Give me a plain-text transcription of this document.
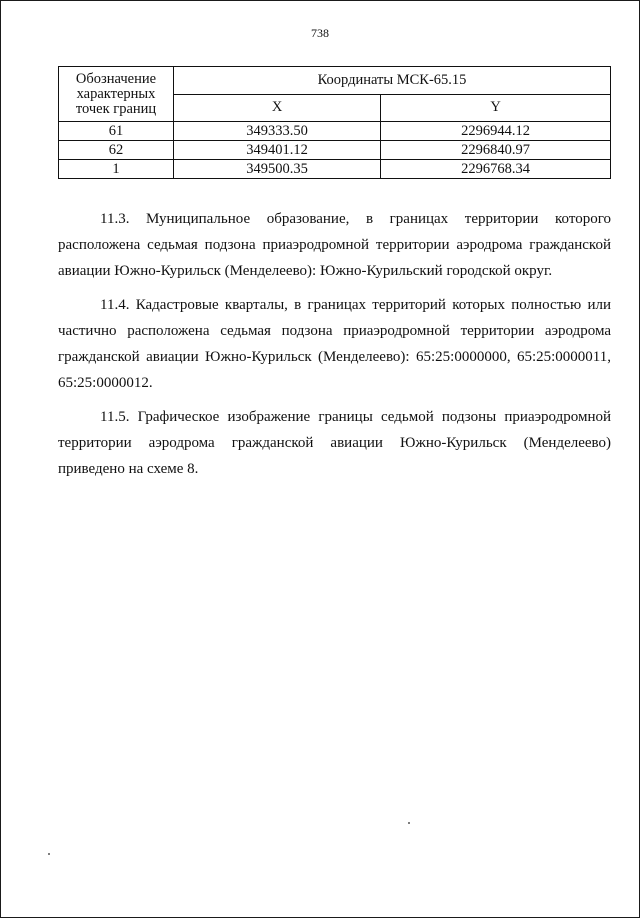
738
Обозначение характерных точек границ	Координаты МСК-65.15	
	X	Y
61	349333.50	2296944.12
62	349401.12	2296840.97
1	349500.35	2296768.34

11.3. Муниципальное образование, в границах территории которого расположена седьмая подзона приаэродромной территории аэродрома гражданской авиации Южно-Курильск (Менделеево): Южно-Курильский городской округ.

11.4. Кадастровые кварталы, в границах территорий которых полностью или частично расположена седьмая подзона приаэродромной территории аэродрома гражданской авиации Южно-Курильск (Менделеево): 65:25:0000000, 65:25:0000011, 65:25:0000012.

11.5. Графическое изображение границы седьмой подзоны приаэродромной территории аэродрома гражданской авиации Южно-Курильск (Менделеево) приведено на схеме 8.
